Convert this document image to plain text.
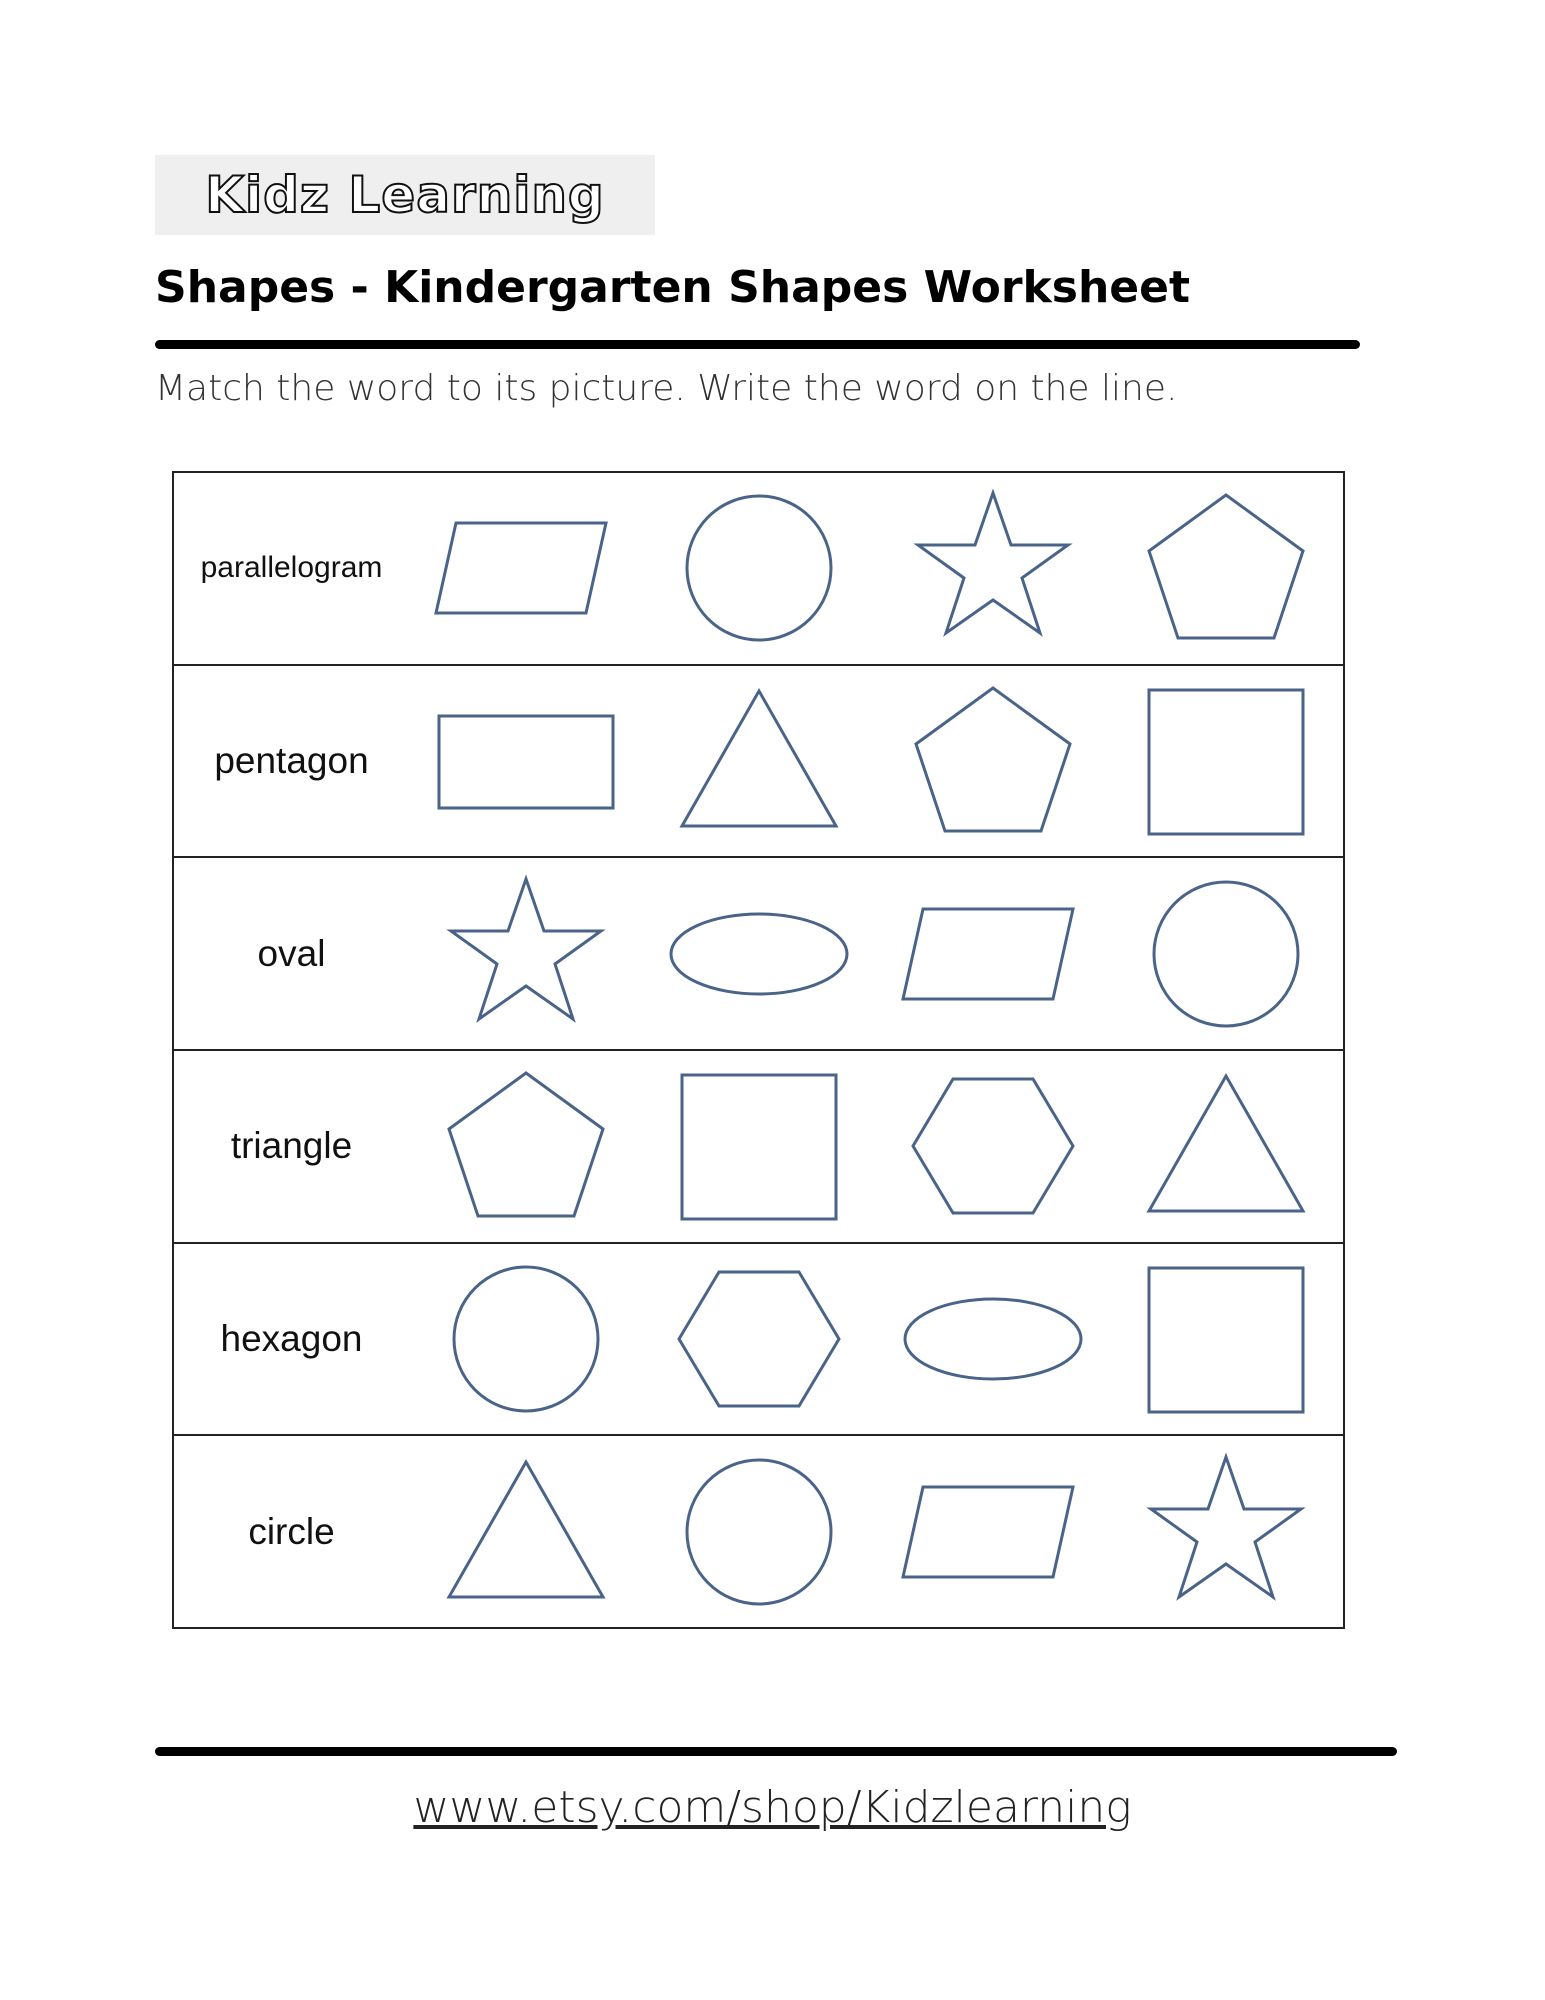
Kidz Learning
Shapes - Kindergarten Shapes Worksheet

Match the word to its picture. Write the word on the line.

parallelogram
pentagon
oval
triangle
hexagon
circle
www.etsy.com/shop/Kidzlearning
